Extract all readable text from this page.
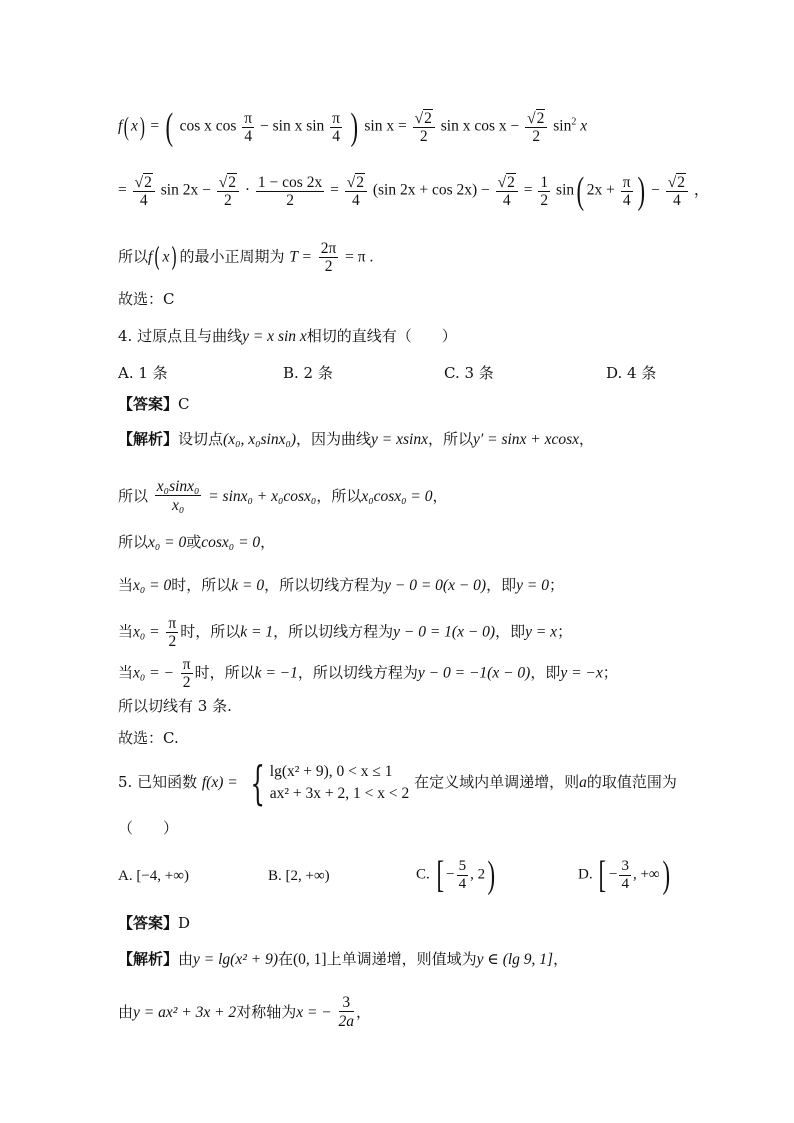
f( x) = ( cos x $\cos \frac{\pi}{4} - \sin x$ $\sin \frac{\pi}{4}$ ) $\sin x = \frac{√2}{2}$ sin x $\cos x - \frac{√2}{2} \sin^2 x$
= $\frac{√2}{4}$ $\sin 2x - \frac{√2}{2} \cdot \frac{1 - \cos 2x}{2} = \frac{√2}{4} (\sin$ $2x + \cos 2x) - \frac{√2}{4} = \frac{1}{2} \sin$( $2x + \frac{\pi}{4}$ ) − $\frac{√2}{4}$ ，
所以f( x) 的最小正周期为 $T = \frac{2\pi}{2} = \pi$ .
故选：C
4. 过原点且与曲线y = x sin x相切的直线有（　　）
A. 1 条	B. 2 条	C. 3 条	D. 4 条
【答案】C
【解析】设切点(x₀, x₀sinx₀)，因为曲线y = xsinx，所以y′ = sinx + xcosx，
所以 $\frac{\text{x₀sinx₀}}{\text{x₀}} = \sin x_0 + x_0\cos x_0$，所以x₀cosx₀ = 0，
所以x₀ = 0或cosx₀ = 0，
当x₀ = 0时，所以k = 0，所以切线方程为y − 0 = 0(x − 0)，即y = 0；
当$x_0 = \frac{\pi}{2}$ 时，所以k = 1，所以切线方程为y − 0 = 1(x − 0)，即y = x；
当x₀ = − $\frac{\pi}{2}$ 时，所以k = −1，所以切线方程为y − 0 = −1(x − 0)，即y = −x；
所以切线有 3 条.
故选：C.
5. 已知函数 f(x) = { lg(x² + 9), 0 < x ≤ 1
ax² + 3x + 2, 1 < x < 2
在定义域内单调递增，则a的取值范围为
（　　）
A. [−4, +∞)	B. [2, +∞)	C. [ − $\frac{5}{4}$ , 2)	D. [ − $\frac{3}{4}$ , +∞)
【答案】D
【解析】由y = lg(x² + 9)在(0, 1]上单调递增，则值域为y ∈ (lg 9, 1]，
由y = ax² + 3x + 2对称轴为x = − $\frac{3}{2a}$ ，
